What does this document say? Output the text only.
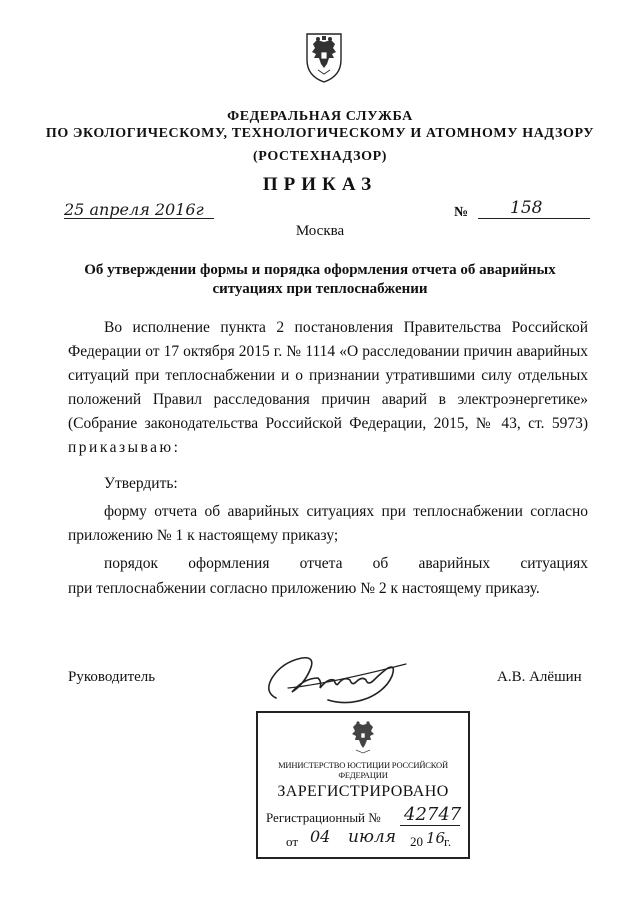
ФЕДЕРАЛЬНАЯ СЛУЖБА
ПО ЭКОЛОГИЧЕСКОМУ, ТЕХНОЛОГИЧЕСКОМУ И АТОМНОМУ НАДЗОРУ
(РОСТЕХНАДЗОР)
ПРИКАЗ
25 апреля 2016г	№ 158
Москва
Об утверждении формы и порядка оформления отчета об аварийных
ситуациях при теплоснабжении
Во исполнение пункта 2 постановления Правительства Российской
Федерации от 17 октября 2015 г. № 1114 «О расследовании причин аварийных
ситуаций при теплоснабжении и о признании утратившими силу отдельных
положений Правил расследования причин аварий в электроэнергетике»
(Собрание законодательства Российской Федерации, 2015, № 43, ст. 5973)
приказываю:
Утвердить:
форму отчета об аварийных ситуациях при теплоснабжении согласно
приложению № 1 к настоящему приказу;
порядок оформления отчета об аварийных ситуациях
при теплоснабжении согласно приложению № 2 к настоящему приказу.
Руководитель	А.В. Алёшин
МИНИСТЕРСТВО ЮСТИЦИИ РОССИЙСКОЙ ФЕДЕРАЦИИ
ЗАРЕГИСТРИРОВАНО
Регистрационный № 42747
от 04 июля 20 16
г.
